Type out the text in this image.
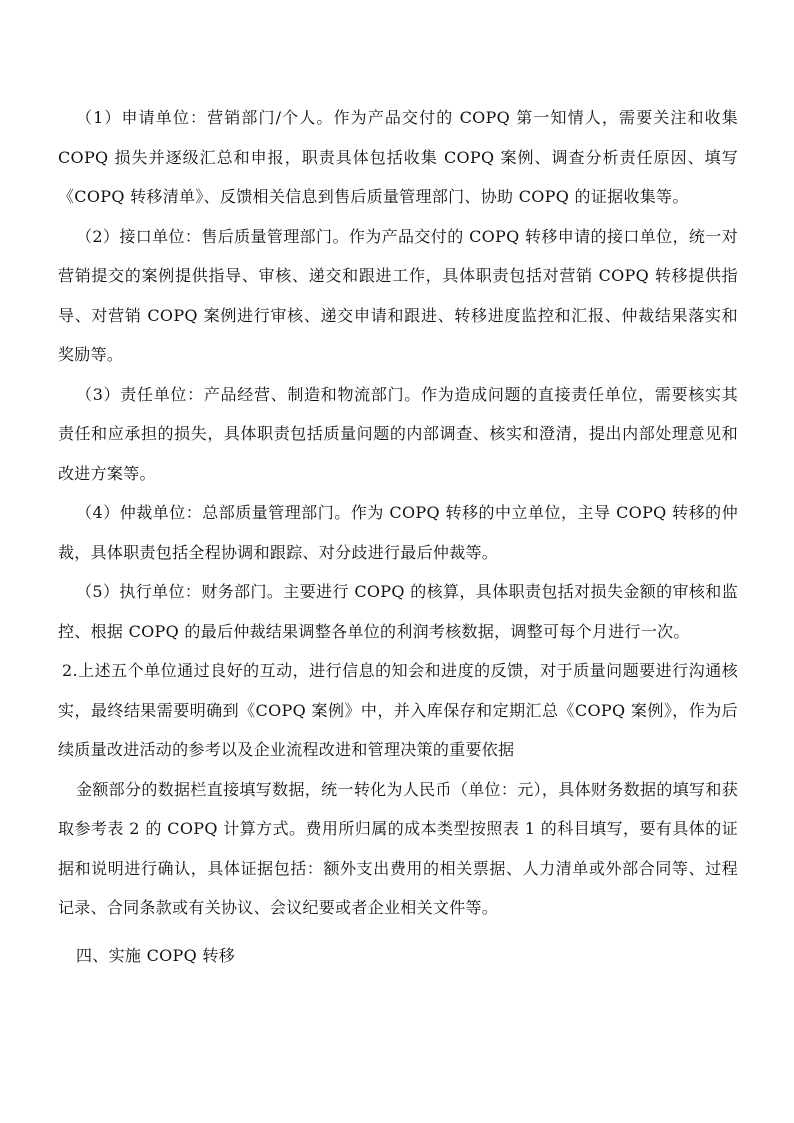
（1）申请单位：营销部门/个人。作为产品交付的 COPQ 第一知情人，需要关注和收集 COPQ 损失并逐级汇总和申报，职责具体包括收集 COPQ 案例、调查分析责任原因、填写《COPQ 转移清单》、反馈相关信息到售后质量管理部门、协助 COPQ 的证据收集等。

（2）接口单位：售后质量管理部门。作为产品交付的 COPQ 转移申请的接口单位，统一对营销提交的案例提供指导、审核、递交和跟进工作，具体职责包括对营销 COPQ 转移提供指导、对营销 COPQ 案例进行审核、递交申请和跟进、转移进度监控和汇报、仲裁结果落实和奖励等。

（3）责任单位：产品经营、制造和物流部门。作为造成问题的直接责任单位，需要核实其责任和应承担的损失，具体职责包括质量问题的内部调查、核实和澄清，提出内部处理意见和改进方案等。

（4）仲裁单位：总部质量管理部门。作为 COPQ 转移的中立单位，主导 COPQ 转移的仲裁，具体职责包括全程协调和跟踪、对分歧进行最后仲裁等。

（5）执行单位：财务部门。主要进行 COPQ 的核算，具体职责包括对损失金额的审核和监控、根据 COPQ 的最后仲裁结果调整各单位的利润考核数据，调整可每个月进行一次。

2.上述五个单位通过良好的互动，进行信息的知会和进度的反馈，对于质量问题要进行沟通核实，最终结果需要明确到《COPQ 案例》中，并入库保存和定期汇总《COPQ 案例》，作为后续质量改进活动的参考以及企业流程改进和管理决策的重要依据

金额部分的数据栏直接填写数据，统一转化为人民币（单位：元），具体财务数据的填写和获取参考表 2 的 COPQ 计算方式。费用所归属的成本类型按照表 1 的科目填写，要有具体的证据和说明进行确认，具体证据包括：额外支出费用的相关票据、人力清单或外部合同等、过程记录、合同条款或有关协议、会议纪要或者企业相关文件等。

四、实施 COPQ 转移
